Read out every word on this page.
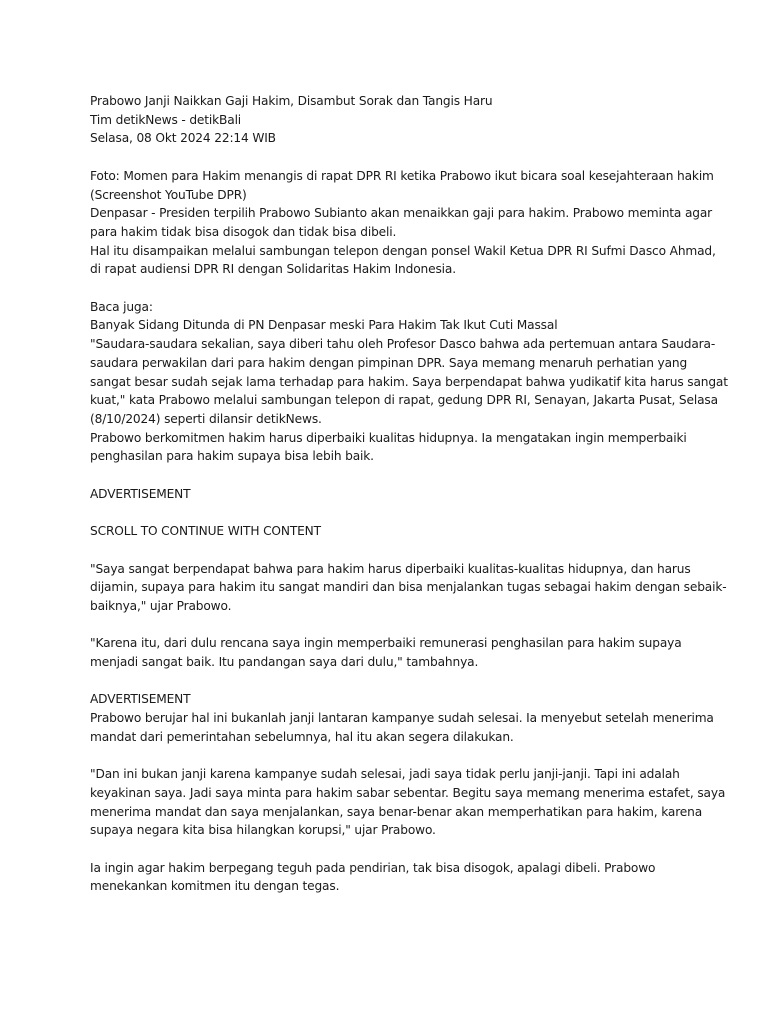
Prabowo Janji Naikkan Gaji Hakim, Disambut Sorak dan Tangis Haru
Tim detikNews - detikBali
Selasa, 08 Okt 2024 22:14 WIB
Foto: Momen para Hakim menangis di rapat DPR RI ketika Prabowo ikut bicara soal kesejahteraan hakim
(Screenshot YouTube DPR)
Denpasar - Presiden terpilih Prabowo Subianto akan menaikkan gaji para hakim. Prabowo meminta agar
para hakim tidak bisa disogok dan tidak bisa dibeli.
Hal itu disampaikan melalui sambungan telepon dengan ponsel Wakil Ketua DPR RI Sufmi Dasco Ahmad,
di rapat audiensi DPR RI dengan Solidaritas Hakim Indonesia.
Baca juga:
Banyak Sidang Ditunda di PN Denpasar meski Para Hakim Tak Ikut Cuti Massal
"Saudara-saudara sekalian, saya diberi tahu oleh Profesor Dasco bahwa ada pertemuan antara Saudara-
saudara perwakilan dari para hakim dengan pimpinan DPR. Saya memang menaruh perhatian yang
sangat besar sudah sejak lama terhadap para hakim. Saya berpendapat bahwa yudikatif kita harus sangat
kuat," kata Prabowo melalui sambungan telepon di rapat, gedung DPR RI, Senayan, Jakarta Pusat, Selasa
(8/10/2024) seperti dilansir detikNews.
Prabowo berkomitmen hakim harus diperbaiki kualitas hidupnya. Ia mengatakan ingin memperbaiki
penghasilan para hakim supaya bisa lebih baik.
ADVERTISEMENT
SCROLL TO CONTINUE WITH CONTENT
"Saya sangat berpendapat bahwa para hakim harus diperbaiki kualitas-kualitas hidupnya, dan harus
dijamin, supaya para hakim itu sangat mandiri dan bisa menjalankan tugas sebagai hakim dengan sebaik-
baiknya," ujar Prabowo.
"Karena itu, dari dulu rencana saya ingin memperbaiki remunerasi penghasilan para hakim supaya
menjadi sangat baik. Itu pandangan saya dari dulu," tambahnya.
ADVERTISEMENT
Prabowo berujar hal ini bukanlah janji lantaran kampanye sudah selesai. Ia menyebut setelah menerima
mandat dari pemerintahan sebelumnya, hal itu akan segera dilakukan.
"Dan ini bukan janji karena kampanye sudah selesai, jadi saya tidak perlu janji-janji. Tapi ini adalah
keyakinan saya. Jadi saya minta para hakim sabar sebentar. Begitu saya memang menerima estafet, saya
menerima mandat dan saya menjalankan, saya benar-benar akan memperhatikan para hakim, karena
supaya negara kita bisa hilangkan korupsi," ujar Prabowo.
Ia ingin agar hakim berpegang teguh pada pendirian, tak bisa disogok, apalagi dibeli. Prabowo
menekankan komitmen itu dengan tegas.
